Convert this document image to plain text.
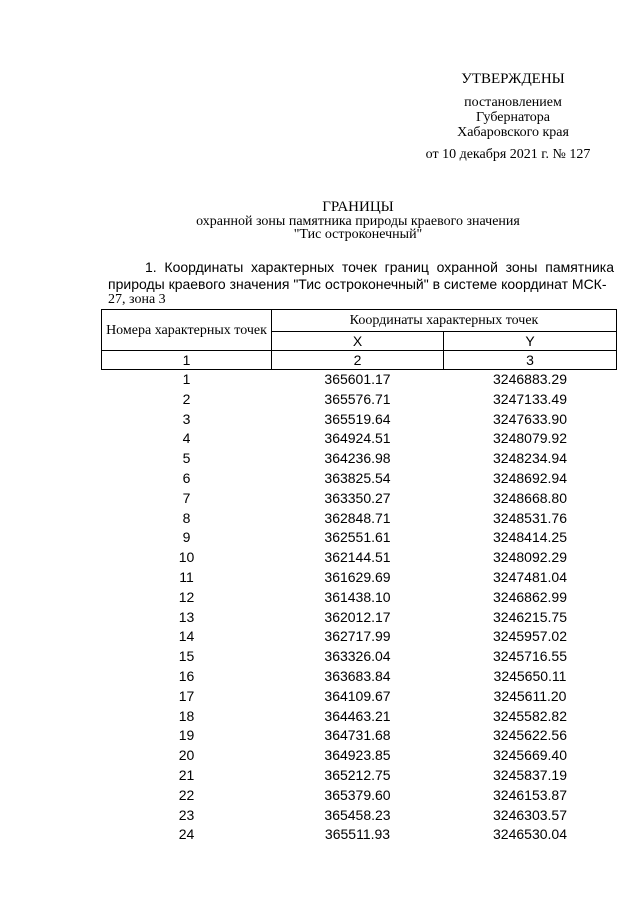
УТВЕРЖДЕНЫ
постановлением
Губернатора
Хабаровского края
от 10 декабря 2021 г. № 127
ГРАНИЦЫ
охранной зоны памятника природы краевого значения
"Тис остроконечный"
1. Координаты характерных точек границ охранной зоны памятника природы краевого значения "Тис остроконечный" в системе координат МСК-
27, зона 3
Номера характерных точек	Координаты характерных точек	
	X	Y
1	2	3
1	365601.17	3246883.29
2	365576.71	3247133.49
3	365519.64	3247633.90
4	364924.51	3248079.92
5	364236.98	3248234.94
6	363825.54	3248692.94
7	363350.27	3248668.80
8	362848.71	3248531.76
9	362551.61	3248414.25
10	362144.51	3248092.29
11	361629.69	3247481.04
12	361438.10	3246862.99
13	362012.17	3246215.75
14	362717.99	3245957.02
15	363326.04	3245716.55
16	363683.84	3245650.11
17	364109.67	3245611.20
18	364463.21	3245582.82
19	364731.68	3245622.56
20	364923.85	3245669.40
21	365212.75	3245837.19
22	365379.60	3246153.87
23	365458.23	3246303.57
24	365511.93	3246530.04
